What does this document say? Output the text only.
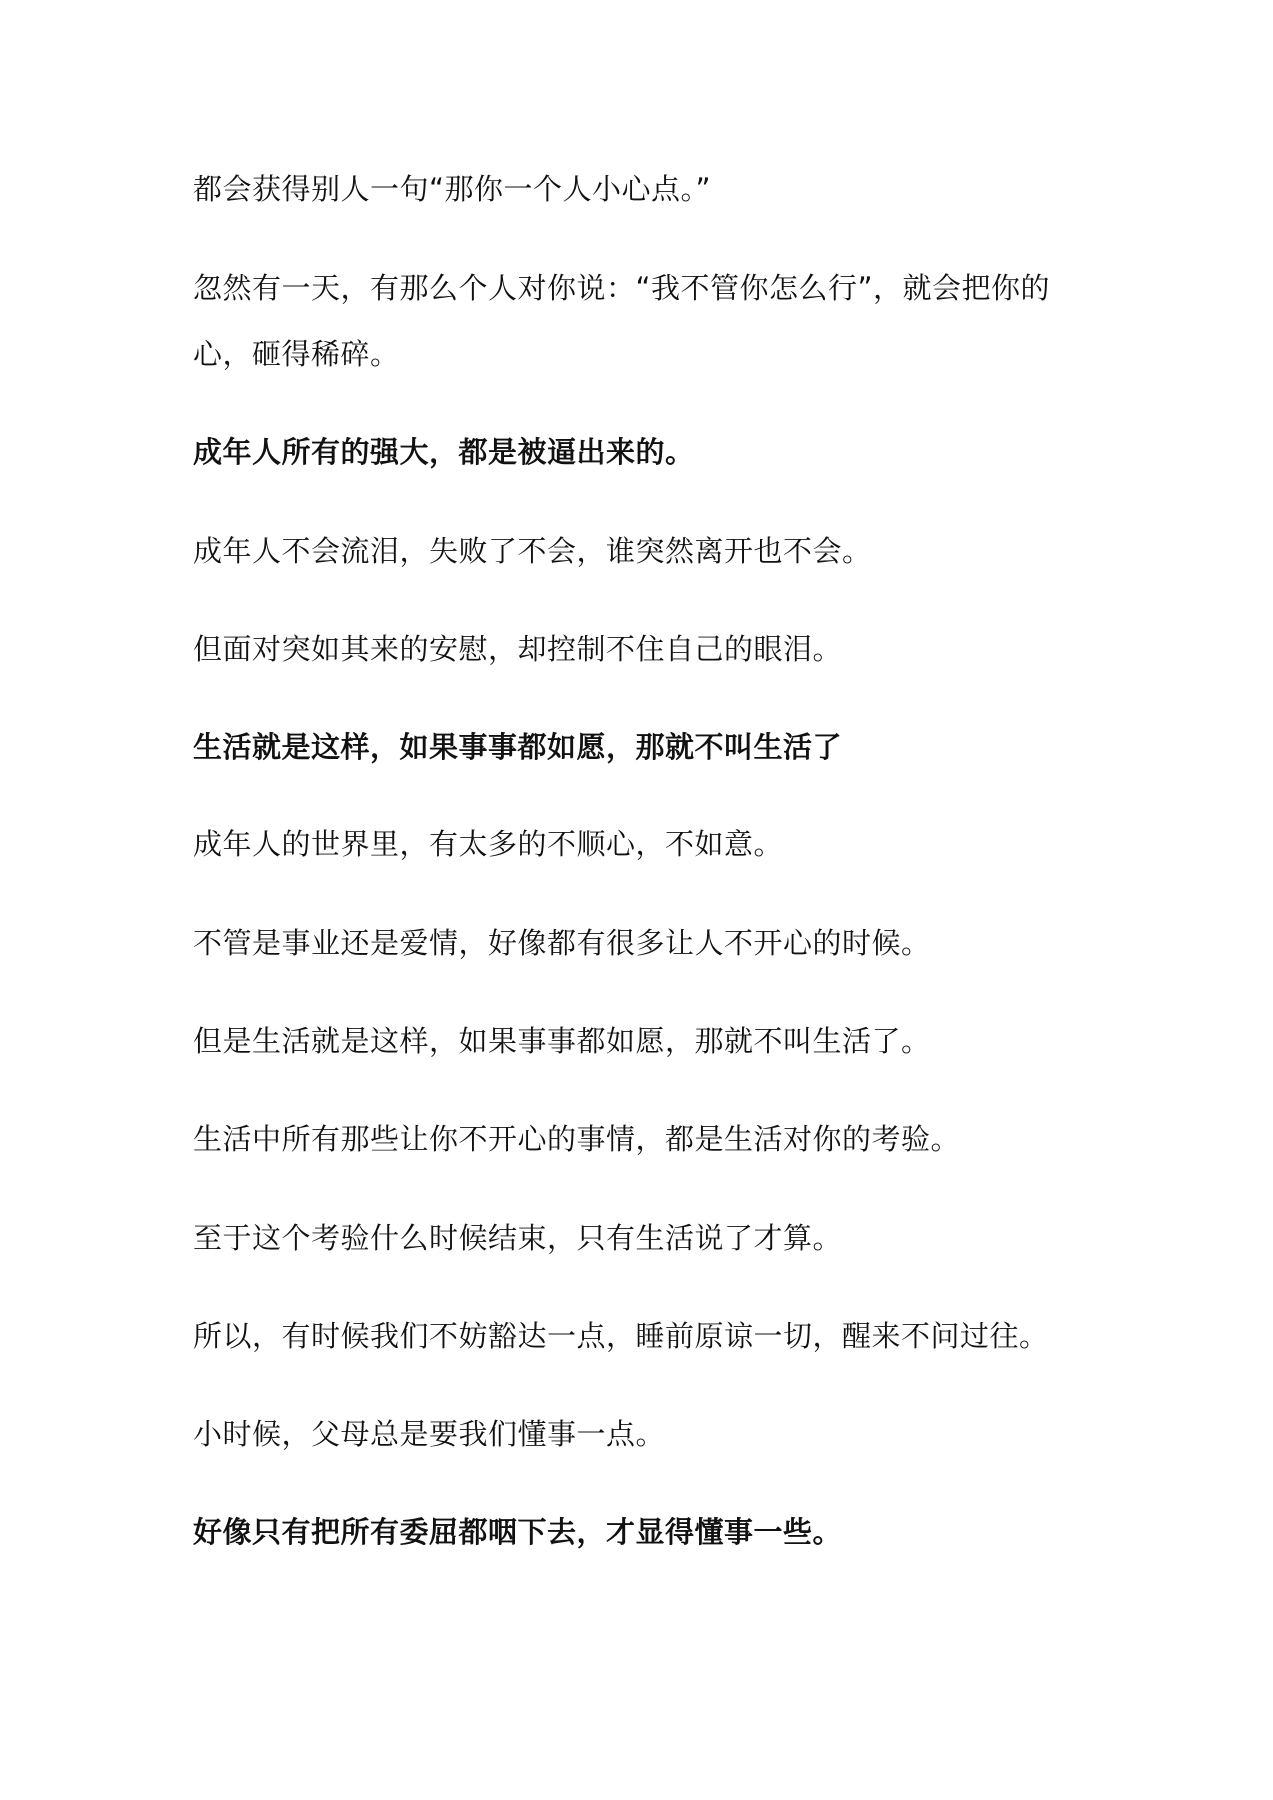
都会获得别人一句“那你一个人小心点。”

忽然有一天，有那么个人对你说：“我不管你怎么行”，就会把你的心，砸得稀碎。

成年人所有的强大，都是被逼出来的。

成年人不会流泪，失败了不会，谁突然离开也不会。

但面对突如其来的安慰，却控制不住自己的眼泪。

生活就是这样，如果事事都如愿，那就不叫生活了

成年人的世界里，有太多的不顺心，不如意。

不管是事业还是爱情，好像都有很多让人不开心的时候。

但是生活就是这样，如果事事都如愿，那就不叫生活了。

生活中所有那些让你不开心的事情，都是生活对你的考验。

至于这个考验什么时候结束，只有生活说了才算。

所以，有时候我们不妨豁达一点，睡前原谅一切，醒来不问过往。

小时候，父母总是要我们懂事一点。

好像只有把所有委屈都咽下去，才显得懂事一些。
